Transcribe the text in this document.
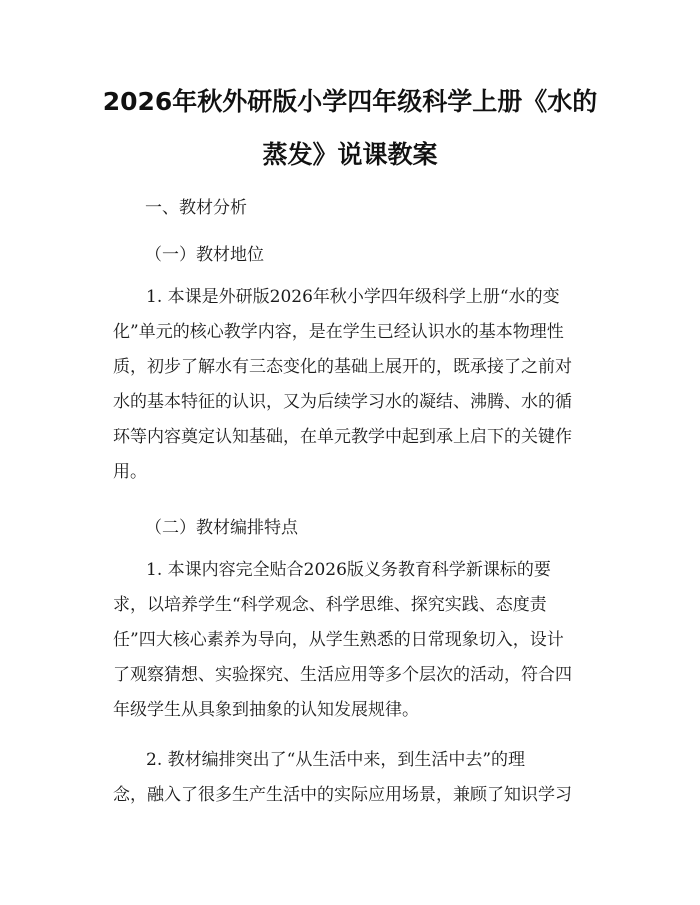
2026年秋外研版小学四年级科学上册《水的
蒸发》说课教案

一、教材分析

（一）教材地位

1. 本课是外研版2026年秋小学四年级科学上册“水的变
化”单元的核心教学内容，是在学生已经认识水的基本物理性
质，初步了解水有三态变化的基础上展开的，既承接了之前对
水的基本特征的认识，又为后续学习水的凝结、沸腾、水的循
环等内容奠定认知基础，在单元教学中起到承上启下的关键作
用。

（二）教材编排特点

1. 本课内容完全贴合2026版义务教育科学新课标的要
求，以培养学生“科学观念、科学思维、探究实践、态度责
任”四大核心素养为导向，从学生熟悉的日常现象切入，设计
了观察猜想、实验探究、生活应用等多个层次的活动，符合四
年级学生从具象到抽象的认知发展规律。
2. 教材编排突出了“从生活中来，到生活中去”的理
念，融入了很多生产生活中的实际应用场景，兼顾了知识学习
